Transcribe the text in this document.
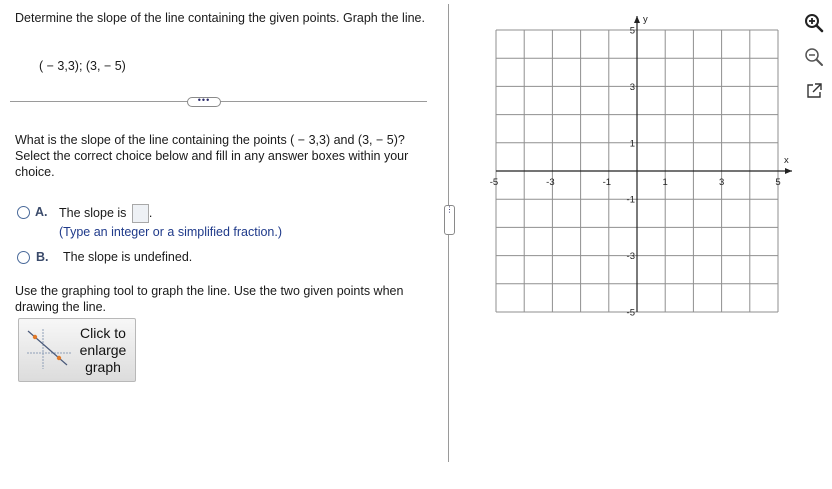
Determine the slope of the line containing the given points. Graph the line.
( − 3,3); (3, − 5)
•••
What is the slope of the line containing the points ( − 3,3) and (3, − 5)? Select the correct choice below and fill in any answer boxes within your choice.
A. The slope is .
(Type an integer or a simplified fraction.)
B. The slope is undefined.
Use the graphing tool to graph the line. Use the two given points when drawing the line.
Click to enlarge graph
⋮
-5	-3	-1	1	3	5
5
3
1
-1
-3
-5
x
y
